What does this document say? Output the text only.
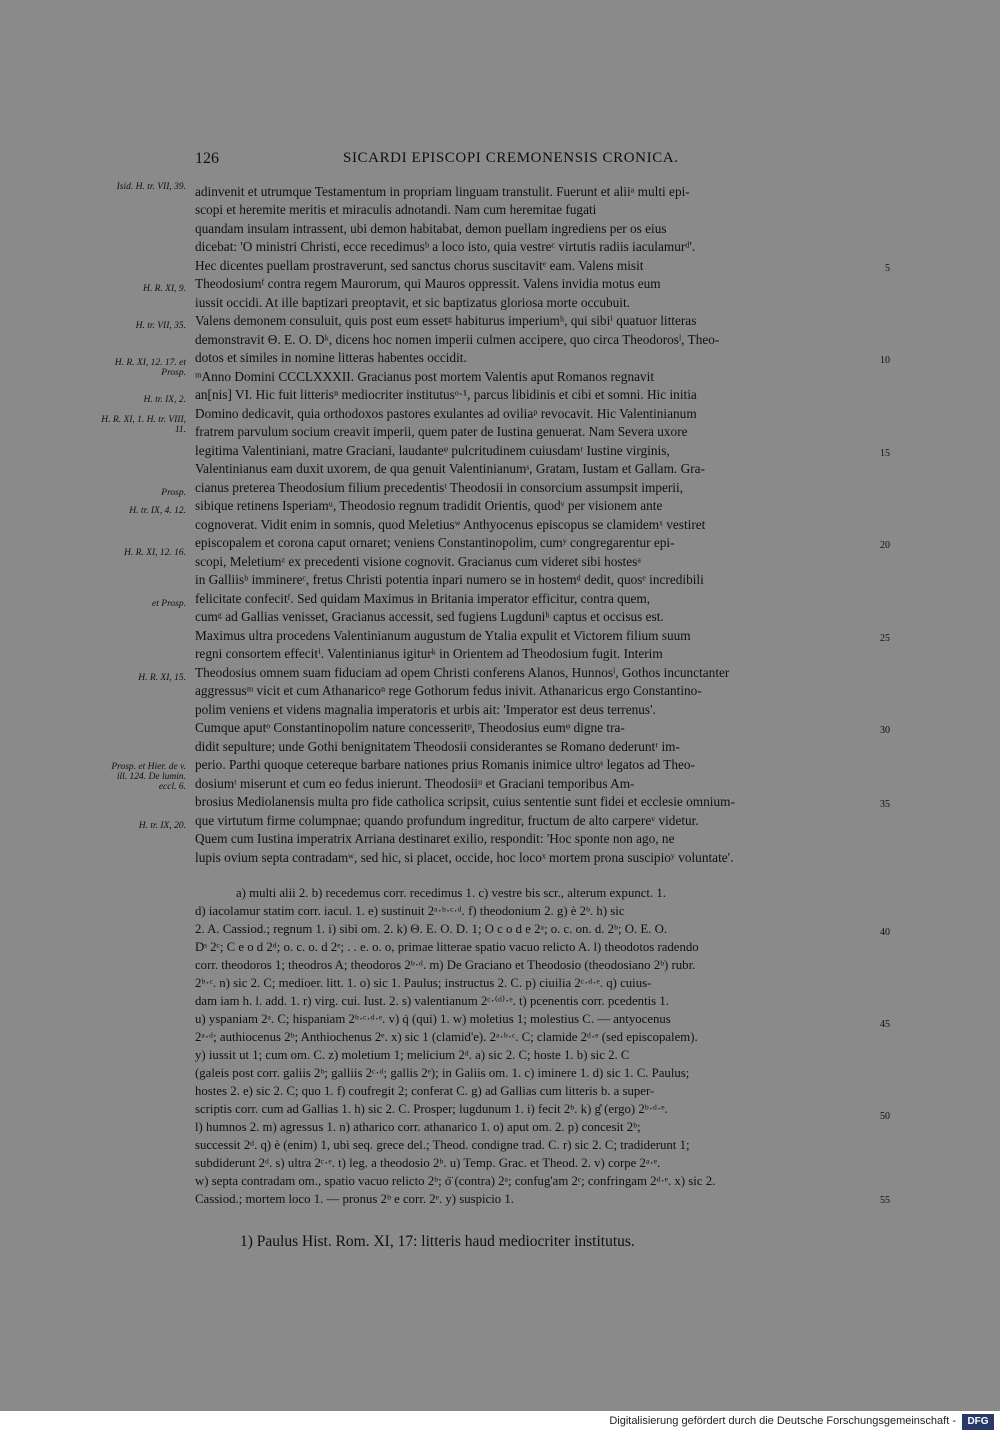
126	SICARDI EPISCOPI CREMONENSIS CRONICA.
adinvenit et utrumque Testamentum in propriam linguam transtulit. Fuerunt et aliiᵃ multi epi-
scopi et heremite meritis et miraculis adnotandi. Nam cum heremitae fugati
quandam insulam intrassent, ubi demon habitabat, demon puellam ingrediens per os eius
dicebat: 'O ministri Christi, ecce recedimusᵇ a loco isto, quia vestreᶜ virtutis radiis iaculamurᵈ'.
Hec dicentes puellam prostraverunt, sed sanctus chorus suscitavitᵉ eam. Valens misit
Theodosiumᶠ contra regem Maurorum, qui Mauros oppressit. Valens invidia motus eum
iussit occidi. At ille baptizari preoptavit, et sic baptizatus gloriosa morte occubuit.
Valens demonem consuluit, quis post eum essetᵍ habiturus imperiumʰ, qui sibiⁱ quatuor litteras
demonstravit Θ. E. O. Dᵏ, dicens hoc nomen imperii culmen accipere, quo circa Theodorosˡ, Theo-
dotos et similes in nomine litteras habentes occidit.
ᵐAnno Domini CCCLXXXII. Gracianus post mortem Valentis aput Romanos regnavit
an[nis] VI. Hic fuit litterisⁿ mediocriter institutusᵒ·¹, parcus libidinis et cibi et somni. Hic initia
Domino dedicavit, quia orthodoxos pastores exulantes ad oviliaᵖ revocavit. Hic Valentinianum
fratrem parvulum socium creavit imperii, quem pater de Iustina genuerat. Nam Severa uxore
legitima Valentiniani, matre Graciani, laudanteᵠ pulcritudinem cuiusdamʳ Iustine virginis,
Valentinianus eam duxit uxorem, de qua genuit Valentinianumˢ, Gratam, Iustam et Gallam. Gra-
cianus preterea Theodosium filium precedentisᵗ Theodosii in consorcium assumpsit imperii,
sibique retinens Isperiamᵘ, Theodosio regnum tradidit Orientis, quodᵛ per visionem ante
cognoverat. Vidit enim in somnis, quod Meletiusʷ Anthyocenus episcopus se clamidemˣ vestiret
episcopalem et corona caput ornaret; veniens Constantinopolim, cumʸ congregarentur epi-
scopi, Meletiumᶻ ex precedenti visione cognovit. Gracianus cum videret sibi hostesᵃ
in Galliisᵇ imminereᶜ, fretus Christi potentia inpari numero se in hostemᵈ dedit, quosᵉ incredibili
felicitate confecitᶠ. Sed quidam Maximus in Britania imperator efficitur, contra quem,
cumᵍ ad Gallias venisset, Gracianus accessit, sed fugiens Lugduniʰ captus et occisus est.
Maximus ultra procedens Valentinianum augustum de Ytalia expulit et Victorem filium suum
regni consortem effecitⁱ. Valentinianus igiturᵏ in Orientem ad Theodosium fugit. Interim
Theodosius omnem suam fiduciam ad opem Christi conferens Alanos, Hunnosˡ, Gothos incunctanter
aggressusᵐ vicit et cum Athanaricoⁿ rege Gothorum fedus inivit. Athanaricus ergo Constantino-
polim veniens et videns magnalia imperatoris et urbis ait: 'Imperator est deus terrenus'.
Cumque aputᵒ Constantinopolim nature concesseritᵖ, Theodosius eumᵠ digne tra-
didit sepulture; unde Gothi benignitatem Theodosii considerantes se Romano dederuntʳ im-
perio. Parthi quoque cetereque barbare nationes prius Romanis inimice ultroˢ legatos ad Theo-
dosiumᵗ miserunt et cum eo fedus inierunt. Theodosiiᵘ et Graciani temporibus Am-
brosius Mediolanensis multa pro fide catholica scripsit, cuius sententie sunt fidei et ecclesie omnium-
que virtutum firme columpnae; quando profundum ingreditur, fructum de alto carpereᵛ videtur.
Quem cum Iustina imperatrix Arriana destinaret exilio, respondit: 'Hoc sponte non ago, ne
lupis ovium septa contradamʷ, sed hic, si placet, occide, hoc locoˣ mortem prona suscipioʸ voluntate'.
Isid. H. tr. VII, 39.
H. R. XI, 9.
H. tr. VII, 35.
H. R. XI, 12. 17. et Prosp.
H. tr. IX, 2.
H. R. XI, 1. H. tr. VIII, 11.
Prosp.
H. tr. IX, 4. 12.
H. R. XI, 12. 16.
et Prosp.
H. R. XI, 15.
Prosp. et Hier. de v. ill. 124. De lumin. eccl. 6.
H. tr. IX, 20.
5
10
15
20
25
30
35
40
45
50
55
a) multi alii 2. b) recedemus corr. recedimus 1. c) vestre bis scr., alterum expunct. 1.
d) iacolamur statim corr. iacul. 1. e) sustinuit 2ᵃ·ᵇ·ᶜ·ᵈ. f) theodonium 2. g) è 2ᵇ. h) sic
2. A. Cassiod.; regnum 1. i) sibi om. 2. k) Θ. E. O. D. 1; O c o d e 2ᵃ; o. c. on. d. 2ᵇ; O. E. O.
Dˢ 2ᶜ; C e o d 2ᵈ; o. c. o. d 2ᵉ; . . e. o. o, primae litterae spatio vacuo relicto A. l) theodotos radendo
corr. theodoros 1; theodros A; theodoros 2ᵇ·ᵈ. m) De Graciano et Theodosio (theodosiano 2ᵇ) rubr.
2ᵇ·ᶜ. n) sic 2. C; medioer. litt. 1. o) sic 1. Paulus; instructus 2. C. p) ciuilia 2ᶜ·ᵈ·ᵉ. q) cuius-
dam iam h. l. add. 1. r) virg. cui. Iust. 2. s) valentianum 2ᶜ·⁽ᵈ⁾·ᵉ. t) pcenentis corr. pcedentis 1.
u) yspaniam 2ᵃ. C; hispaniam 2ᵇ·ᶜ·ᵈ·ᵉ. v) q̇ (qui) 1. w) moletius 1; molestius C. — antyocenus
2ᵃ·ᵈ; authiocenus 2ᵇ; Anthiochenus 2ᵉ. x) sic 1 (clamid'e). 2ᵃ·ᵇ·ᶜ. C; clamide 2ᵈ·ᵉ (sed episcopalem).
y) iussit ut 1; cum om. C. z) moletium 1; melicium 2ᵈ. a) sic 2. C; hoste 1. b) sic 2. C
(galeis post corr. galiis 2ᵇ; galliis 2ᶜ·ᵈ; gallis 2ᵉ); in Galiis om. 1. c) iminere 1. d) sic 1. C. Paulus;
hostes 2. e) sic 2. C; quo 1. f) coufregit 2; conferat C. g) ad Gallias cum litteris b. a super-
scriptis corr. cum ad Gallias 1. h) sic 2. C. Prosper; lugdunum 1. i) fecit 2ᵇ. k) g̊ (ergo) 2ᵇ·ᵈ·ᵉ.
l) humnos 2. m) agressus 1. n) atharico corr. athanarico 1. o) aput om. 2. p) concesit 2ᵇ;
successit 2ᵈ. q) è (enim) 1, ubi seq. grece del.; Theod. condigne trad. C. r) sic 2. C; tradiderunt 1;
subdiderunt 2ᵈ. s) ultra 2ᶜ·ᵉ. t) leg. a theodosio 2ᵇ. u) Temp. Grac. et Theod. 2. v) corpe 2ᵃ·ᵉ.
w) septa contradam om., spatio vacuo relicto 2ᵇ; ȯ̈ (contra) 2ᵃ; confug'am 2ᶜ; confringam 2ᵈ·ᵉ. x) sic 2.
Cassiod.; mortem loco 1. — pronus 2ᵇ e corr. 2ᵉ. y) suspicio 1.
1) Paulus Hist. Rom. XI, 17: litteris haud mediocriter institutus.
Digitalisierung gefördert durch die Deutsche Forschungsgemeinschaft -	DFG
